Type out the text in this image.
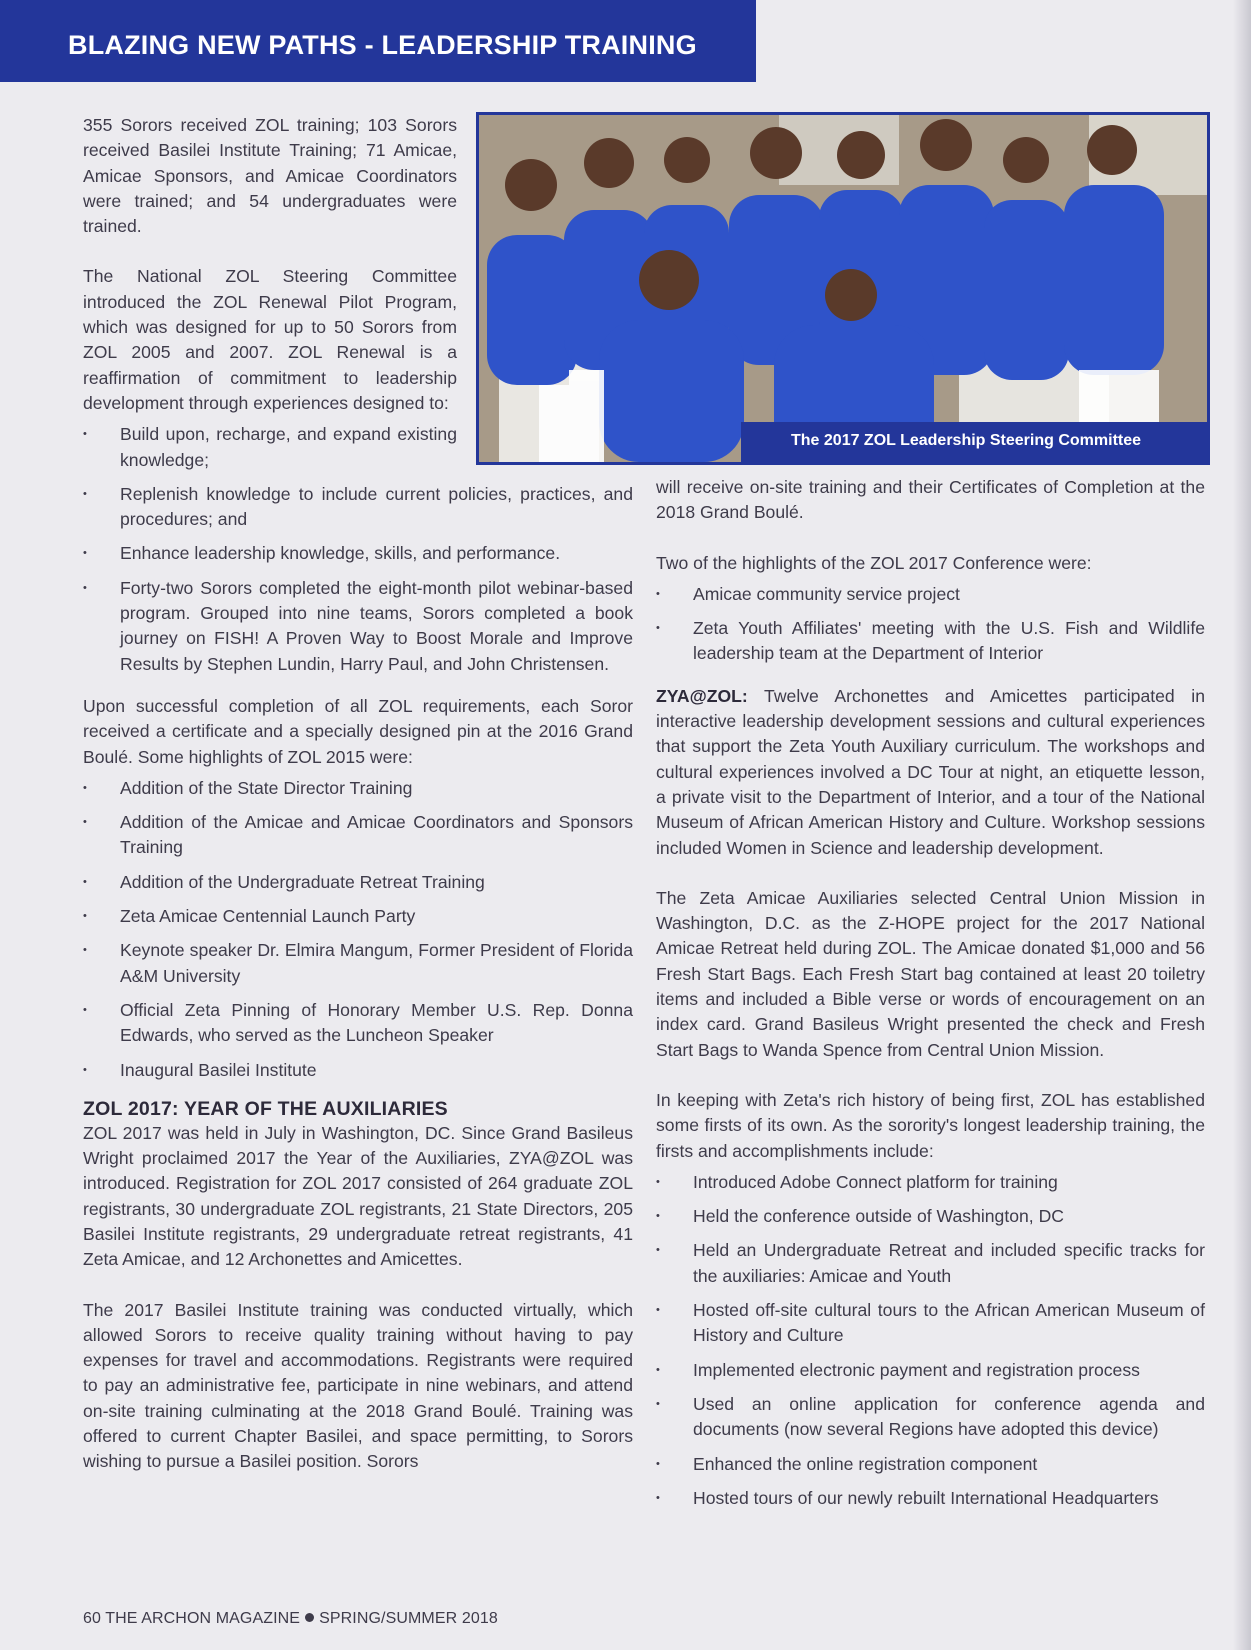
BLAZING NEW PATHS - LEADERSHIP TRAINING
The 2017 ZOL Leadership Steering Committee

355 Sorors received ZOL training; 103 Sorors received Basilei Institute Training; 71 Amicae, Amicae Sponsors, and Amicae Coordinators were trained; and 54 undergraduates were trained.

The National ZOL Steering Committee introduced the ZOL Renewal Pilot Program, which was designed for up to 50 Sorors from ZOL 2005 and 2007. ZOL Renewal is a reaffirmation of commitment to leadership development through experiences designed to:

• Build upon, recharge, and expand existing knowledge;
• Replenish knowledge to include current policies, practices, and procedures; and
• Enhance leadership knowledge, skills, and performance.
• Forty-two Sorors completed the eight-month pilot webinar-based program. Grouped into nine teams, Sorors completed a book journey on FISH! A Proven Way to Boost Morale and Improve Results by Stephen Lundin, Harry Paul, and John Christensen.

Upon successful completion of all ZOL requirements, each Soror received a certificate and a specially designed pin at the 2016 Grand Boulé. Some highlights of ZOL 2015 were:

• Addition of the State Director Training
• Addition of the Amicae and Amicae Coordinators and Sponsors Training
• Addition of the Undergraduate Retreat Training
• Zeta Amicae Centennial Launch Party
• Keynote speaker Dr. Elmira Mangum, Former President of Florida A&M University
• Official Zeta Pinning of Honorary Member U.S. Rep. Donna Edwards, who served as the Luncheon Speaker
• Inaugural Basilei Institute
ZOL 2017: YEAR OF THE AUXILIARIES

ZOL 2017 was held in July in Washington, DC. Since Grand Basileus Wright proclaimed 2017 the Year of the Auxiliaries, ZYA@ZOL was introduced. Registration for ZOL 2017 consisted of 264 graduate ZOL registrants, 30 undergraduate ZOL registrants, 21 State Directors, 205 Basilei Institute registrants, 29 undergraduate retreat registrants, 41 Zeta Amicae, and 12 Archonettes and Amicettes.

The 2017 Basilei Institute training was conducted virtually, which allowed Sorors to receive quality training without having to pay expenses for travel and accommodations. Registrants were required to pay an administrative fee, participate in nine webinars, and attend on-site training culminating at the 2018 Grand Boulé. Training was offered to current Chapter Basilei, and space permitting, to Sorors wishing to pursue a Basilei position. Sorors

will receive on-site training and their Certificates of Completion at the 2018 Grand Boulé.

Two of the highlights of the ZOL 2017 Conference were:

• Amicae community service project
• Zeta Youth Affiliates' meeting with the U.S. Fish and Wildlife leadership team at the Department of Interior

ZYA@ZOL: Twelve Archonettes and Amicettes participated in interactive leadership development sessions and cultural experiences that support the Zeta Youth Auxiliary curriculum. The workshops and cultural experiences involved a DC Tour at night, an etiquette lesson, a private visit to the Department of Interior, and a tour of the National Museum of African American History and Culture. Workshop sessions included Women in Science and leadership development.

The Zeta Amicae Auxiliaries selected Central Union Mission in Washington, D.C. as the Z-HOPE project for the 2017 National Amicae Retreat held during ZOL. The Amicae donated $1,000 and 56 Fresh Start Bags. Each Fresh Start bag contained at least 20 toiletry items and included a Bible verse or words of encouragement on an index card. Grand Basileus Wright presented the check and Fresh Start Bags to Wanda Spence from Central Union Mission.

In keeping with Zeta's rich history of being first, ZOL has established some firsts of its own. As the sorority's longest leadership training, the firsts and accomplishments include:

• Introduced Adobe Connect platform for training
• Held the conference outside of Washington, DC
• Held an Undergraduate Retreat and included specific tracks for the auxiliaries: Amicae and Youth
• Hosted off-site cultural tours to the African American Museum of History and Culture
• Implemented electronic payment and registration process
• Used an online application for conference agenda and documents (now several Regions have adopted this device)
• Enhanced the online registration component
• Hosted tours of our newly rebuilt International Headquarters
60 THE ARCHON MAGAZINE SPRING/SUMMER 2018
